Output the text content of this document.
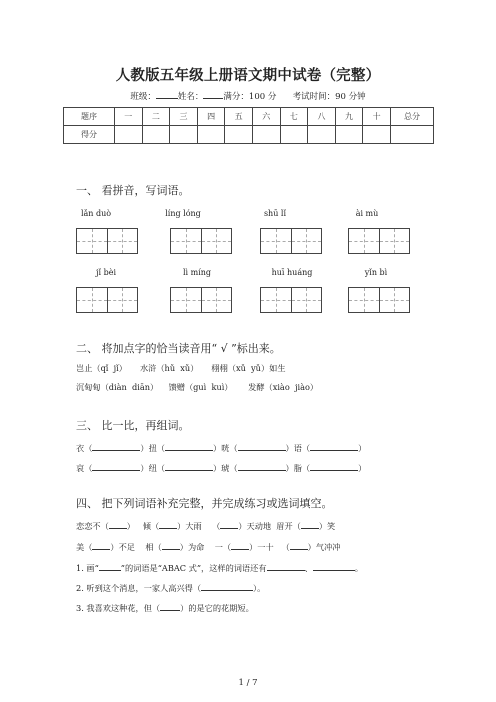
人教版五年级上册语文期中试卷（完整）
班级：	姓名： 满分：100 分 考试时间：90 分钟
题序	一	二	三	四	五	六	七	八	九	十	总分
得分											
一、 看拼音，写词语。
lǎn duò	líng lóng	shū lǐ	ài mù
jǐ bèi	lì míng	huī huáng	yǐn bì
二、 将加点字的恰当读音用“ √ ”标出来。
岂止（qǐ  jǐ）     水浒（hǔ  xǔ）     栩栩（xǔ  yǔ）如生
沉甸甸（diàn  diān）    馈赠（guì  kuì）      发酵（xiào  jiào）
三、 比一比，再组词。
衣（	）扭（	）咣（	）语（	）
哀（	）纽（	）琥（	）脂（	）
四、 把下列词语补充完整，并完成练习或选词填空。
恋恋不（ ）   倾（ ）大雨    （ ）天动地  眉开（ ）笑
美（ ）不足    相（ ）为命    一（ ）一十   （ ）气冲冲
1. 画“	”的词语是“ABAC 式”，这样的词语还有	、	。
2. 听到这个消息，一家人高兴得（	）。
3. 我喜欢这种花，但（ ）的是它的花期短。
1 / 7
